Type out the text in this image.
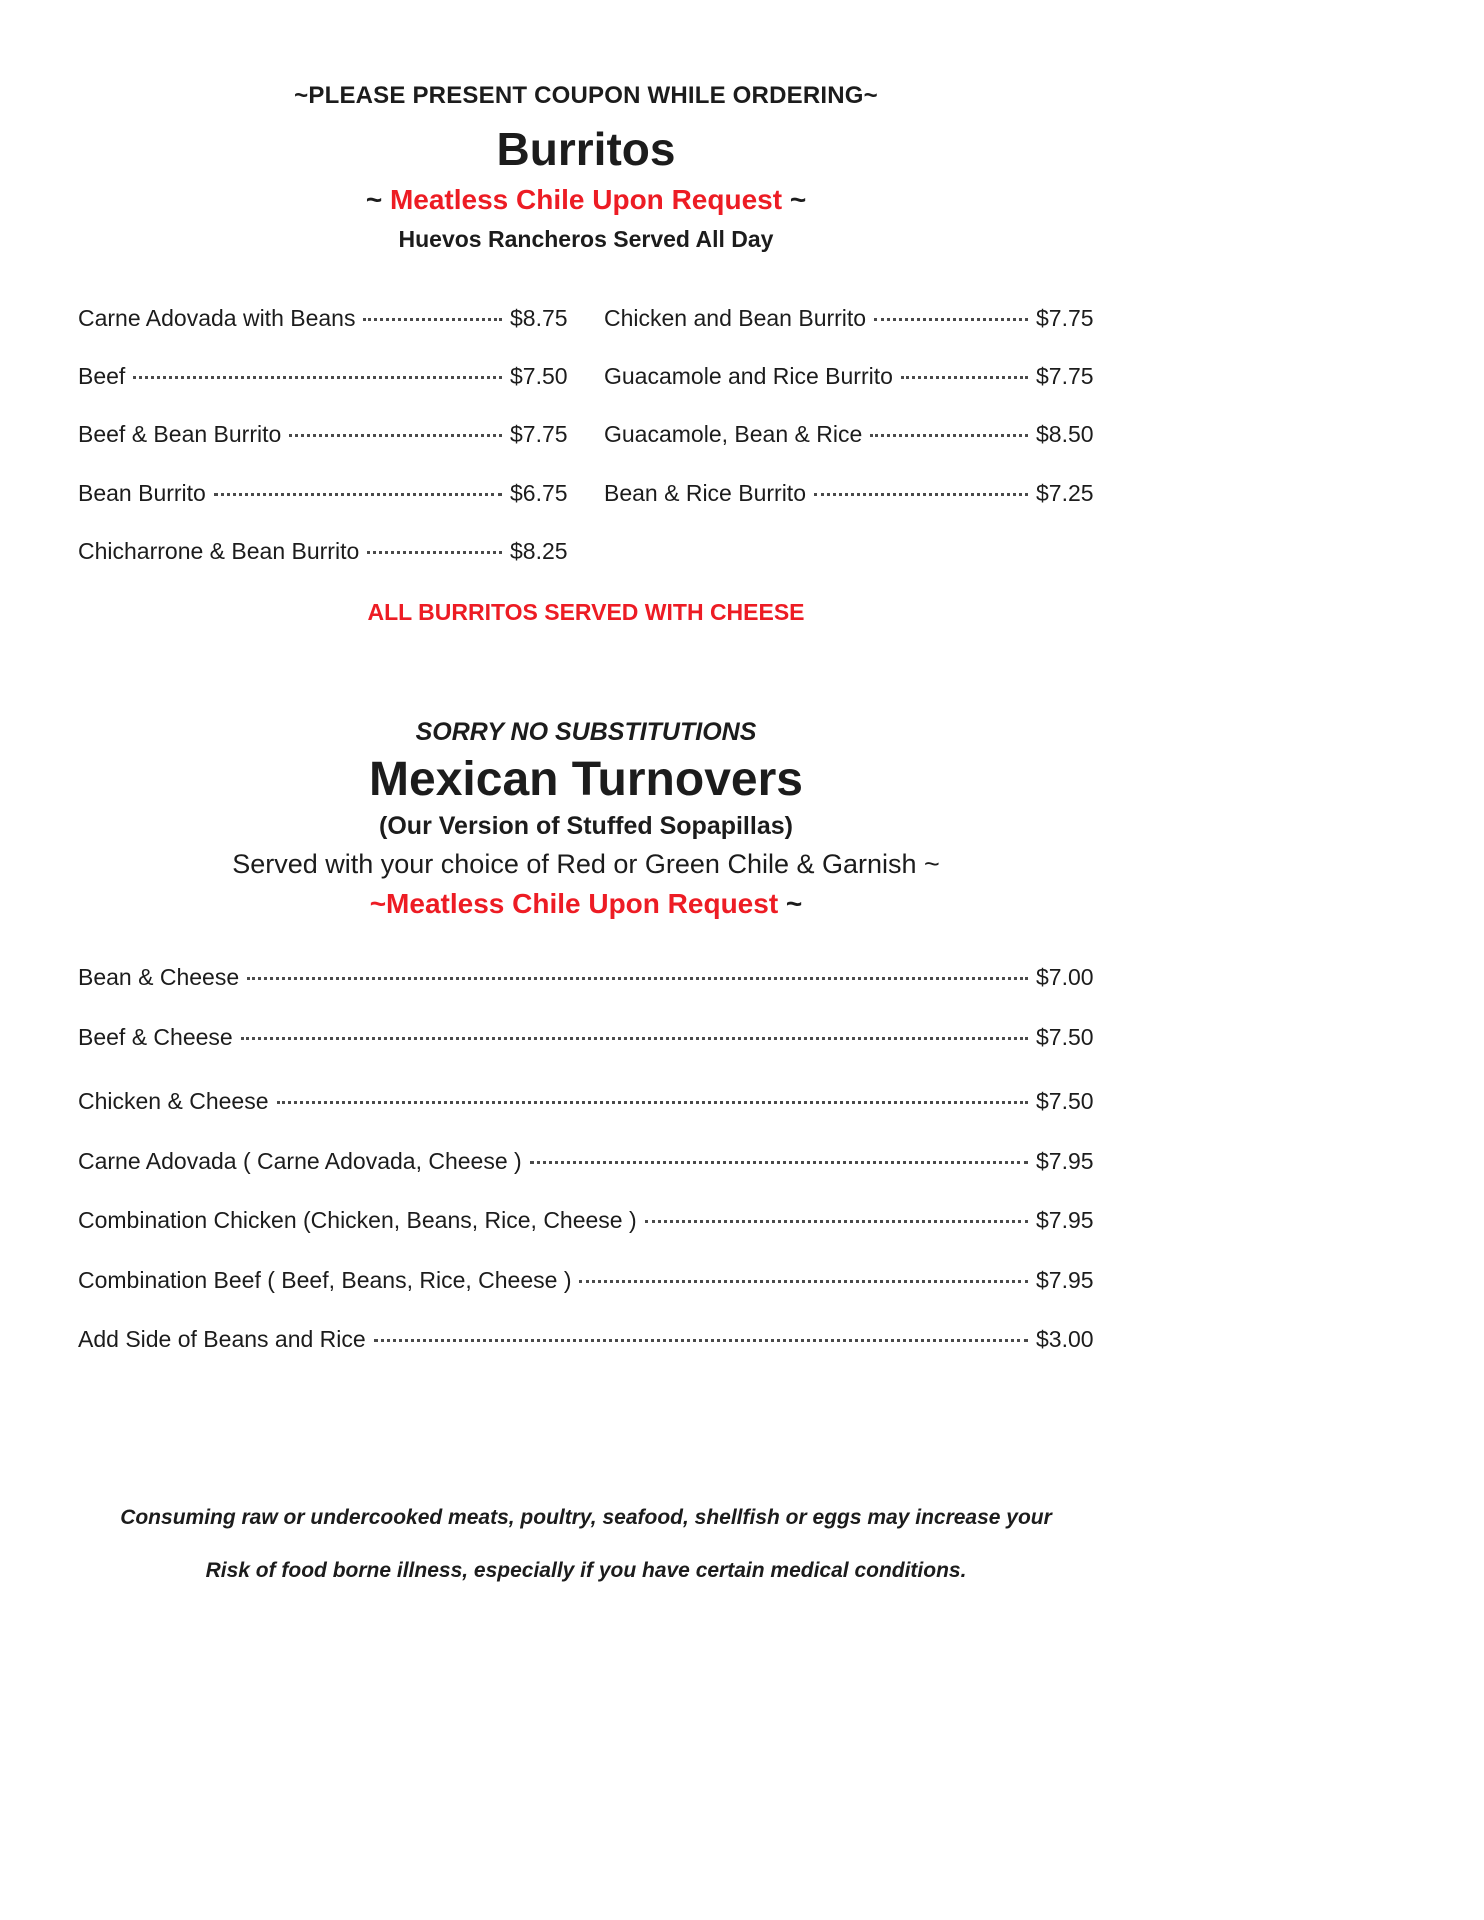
~PLEASE PRESENT COUPON WHILE ORDERING~
Burritos
~ Meatless Chile Upon Request ~
Huevos Rancheros Served All Day
Carne Adovada with Beans	$8.75
Beef	$7.50
Beef & Bean Burrito	$7.75
Bean Burrito	$6.75
Chicharrone & Bean Burrito	$8.25
Chicken and Bean Burrito	$7.75
Guacamole and Rice Burrito	$7.75
Guacamole, Bean & Rice	$8.50
Bean & Rice Burrito	$7.25
ALL BURRITOS SERVED WITH CHEESE
SORRY NO SUBSTITUTIONS
Mexican Turnovers
(Our Version of Stuffed Sopapillas)
Served with your choice of Red or Green Chile & Garnish ~
~Meatless Chile Upon Request ~
Bean & Cheese	$7.00
Beef & Cheese	$7.50
Chicken & Cheese	$7.50
Carne Adovada ( Carne Adovada, Cheese )	$7.95
Combination Chicken (Chicken, Beans, Rice, Cheese )	$7.95
Combination Beef ( Beef, Beans, Rice, Cheese )	$7.95
Add Side of Beans and Rice	$3.00
Consuming raw or undercooked meats, poultry, seafood, shellfish or eggs may increase your
Risk of food borne illness, especially if you have certain medical conditions.
